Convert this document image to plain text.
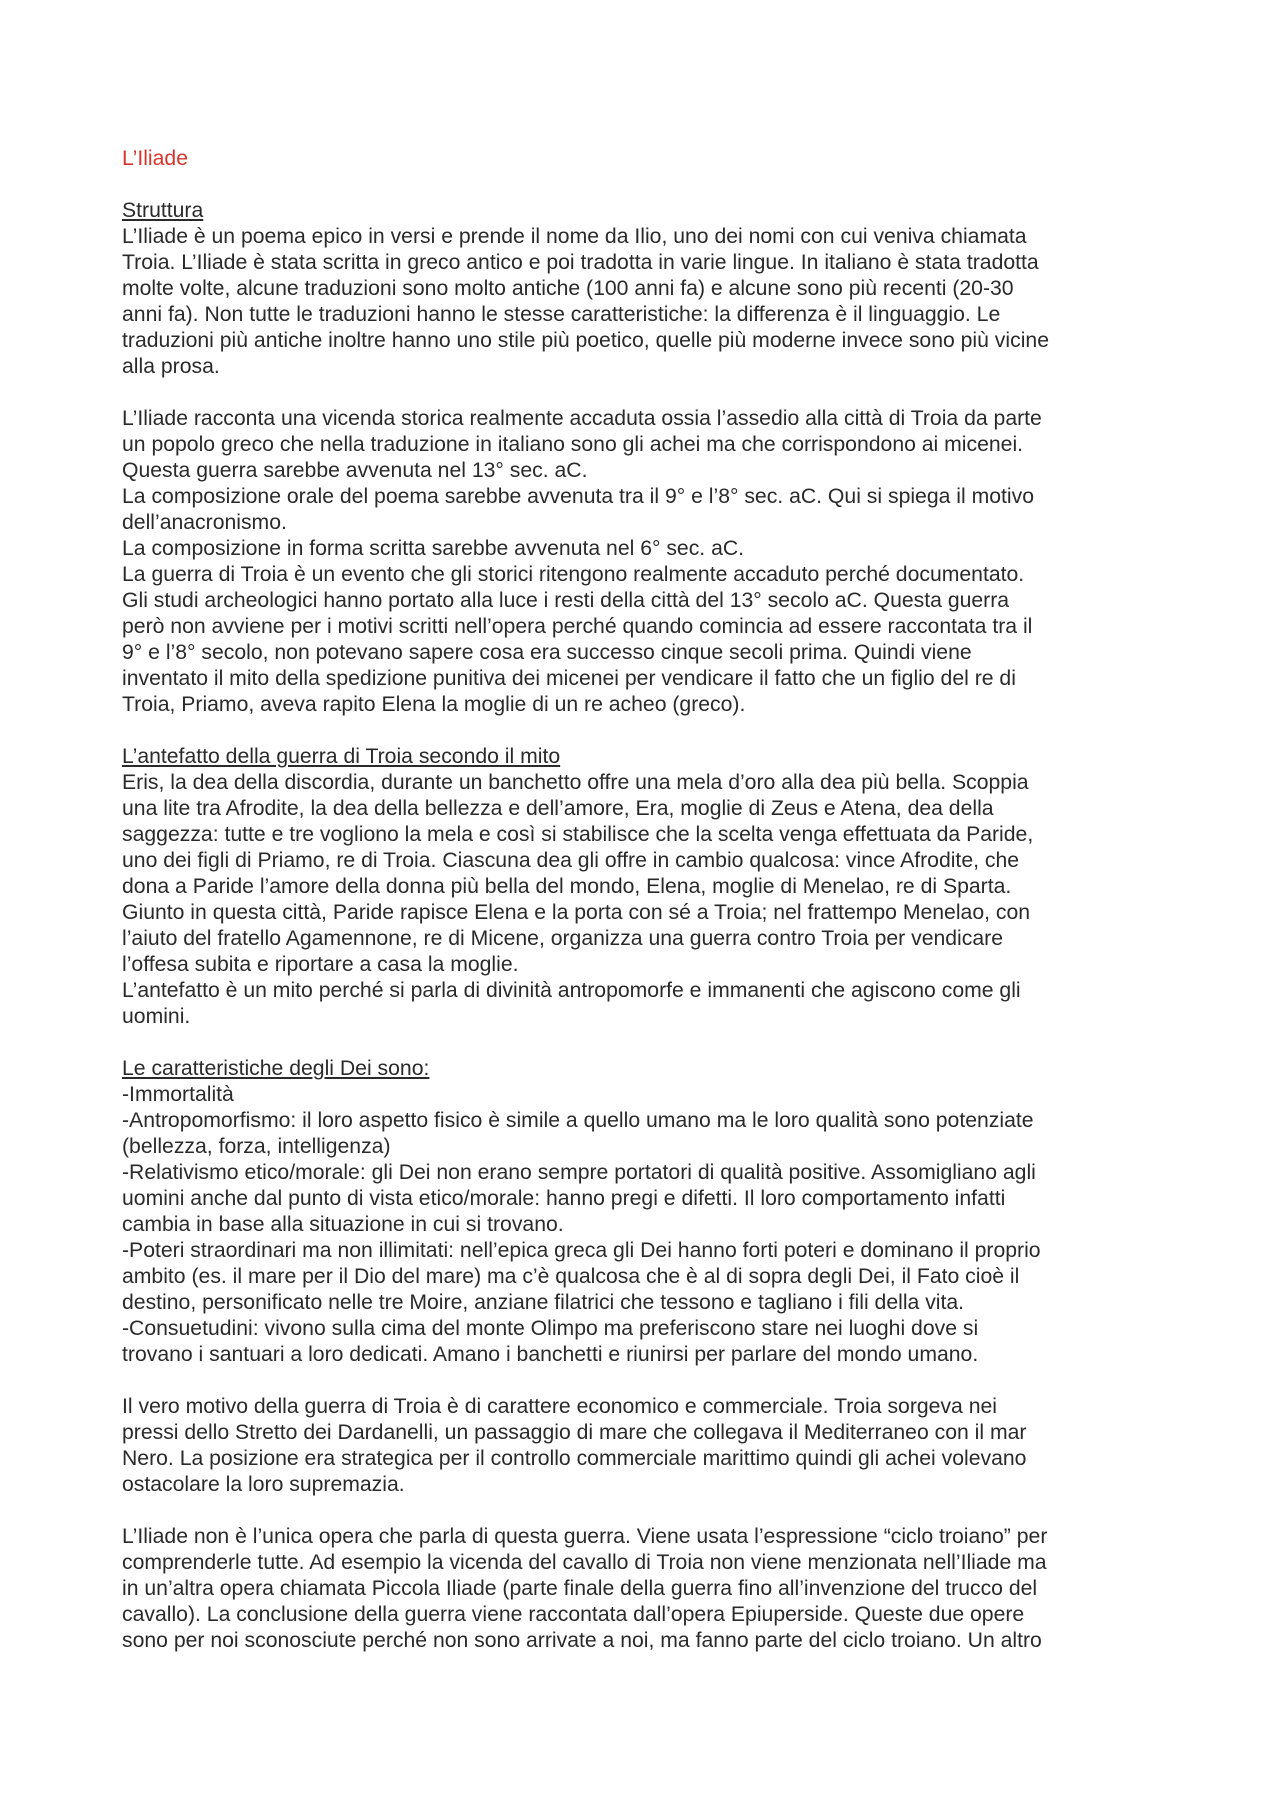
L’Iliade
Struttura
L’Iliade è un poema epico in versi e prende il nome da Ilio, uno dei nomi con cui veniva chiamata
Troia. L’Iliade è stata scritta in greco antico e poi tradotta in varie lingue. In italiano è stata tradotta
molte volte, alcune traduzioni sono molto antiche (100 anni fa) e alcune sono più recenti (20-30
anni fa). Non tutte le traduzioni hanno le stesse caratteristiche: la differenza è il linguaggio. Le
traduzioni più antiche inoltre hanno uno stile più poetico, quelle più moderne invece sono più vicine
alla prosa.
L’Iliade racconta una vicenda storica realmente accaduta ossia l’assedio alla città di Troia da parte
un popolo greco che nella traduzione in italiano sono gli achei ma che corrispondono ai micenei.
Questa guerra sarebbe avvenuta nel 13° sec. aC.
La composizione orale del poema sarebbe avvenuta tra il 9° e l’8° sec. aC. Qui si spiega il motivo
dell’anacronismo.
La composizione in forma scritta sarebbe avvenuta nel 6° sec. aC.
La guerra di Troia è un evento che gli storici ritengono realmente accaduto perché documentato.
Gli studi archeologici hanno portato alla luce i resti della città del 13° secolo aC. Questa guerra
però non avviene per i motivi scritti nell’opera perché quando comincia ad essere raccontata tra il
9° e l’8° secolo, non potevano sapere cosa era successo cinque secoli prima. Quindi viene
inventato il mito della spedizione punitiva dei micenei per vendicare il fatto che un figlio del re di
Troia, Priamo, aveva rapito Elena la moglie di un re acheo (greco).
L’antefatto della guerra di Troia secondo il mito
Eris, la dea della discordia, durante un banchetto offre una mela d’oro alla dea più bella. Scoppia
una lite tra Afrodite, la dea della bellezza e dell’amore, Era, moglie di Zeus e Atena, dea della
saggezza: tutte e tre vogliono la mela e così si stabilisce che la scelta venga effettuata da Paride,
uno dei figli di Priamo, re di Troia. Ciascuna dea gli offre in cambio qualcosa: vince Afrodite, che
dona a Paride l’amore della donna più bella del mondo, Elena, moglie di Menelao, re di Sparta.
Giunto in questa città, Paride rapisce Elena e la porta con sé a Troia; nel frattempo Menelao, con
l’aiuto del fratello Agamennone, re di Micene, organizza una guerra contro Troia per vendicare
l’offesa subita e riportare a casa la moglie.
L’antefatto è un mito perché si parla di divinità antropomorfe e immanenti che agiscono come gli
uomini.
Le caratteristiche degli Dei sono:
-Immortalità
-Antropomorfismo: il loro aspetto fisico è simile a quello umano ma le loro qualità sono potenziate
(bellezza, forza, intelligenza)
-Relativismo etico/morale: gli Dei non erano sempre portatori di qualità positive. Assomigliano agli
uomini anche dal punto di vista etico/morale: hanno pregi e difetti. Il loro comportamento infatti
cambia in base alla situazione in cui si trovano.
-Poteri straordinari ma non illimitati: nell’epica greca gli Dei hanno forti poteri e dominano il proprio
ambito (es. il mare per il Dio del mare) ma c’è qualcosa che è al di sopra degli Dei, il Fato cioè il
destino, personificato nelle tre Moire, anziane filatrici che tessono e tagliano i fili della vita.
-Consuetudini: vivono sulla cima del monte Olimpo ma preferiscono stare nei luoghi dove si
trovano i santuari a loro dedicati. Amano i banchetti e riunirsi per parlare del mondo umano.
Il vero motivo della guerra di Troia è di carattere economico e commerciale. Troia sorgeva nei
pressi dello Stretto dei Dardanelli, un passaggio di mare che collegava il Mediterraneo con il mar
Nero. La posizione era strategica per il controllo commerciale marittimo quindi gli achei volevano
ostacolare la loro supremazia.
L’Iliade non è l’unica opera che parla di questa guerra. Viene usata l’espressione “ciclo troiano” per
comprenderle tutte. Ad esempio la vicenda del cavallo di Troia non viene menzionata nell’Iliade ma
in un’altra opera chiamata Piccola Iliade (parte finale della guerra fino all’invenzione del trucco del
cavallo). La conclusione della guerra viene raccontata dall’opera Epiuperside. Queste due opere
sono per noi sconosciute perché non sono arrivate a noi, ma fanno parte del ciclo troiano. Un altro
